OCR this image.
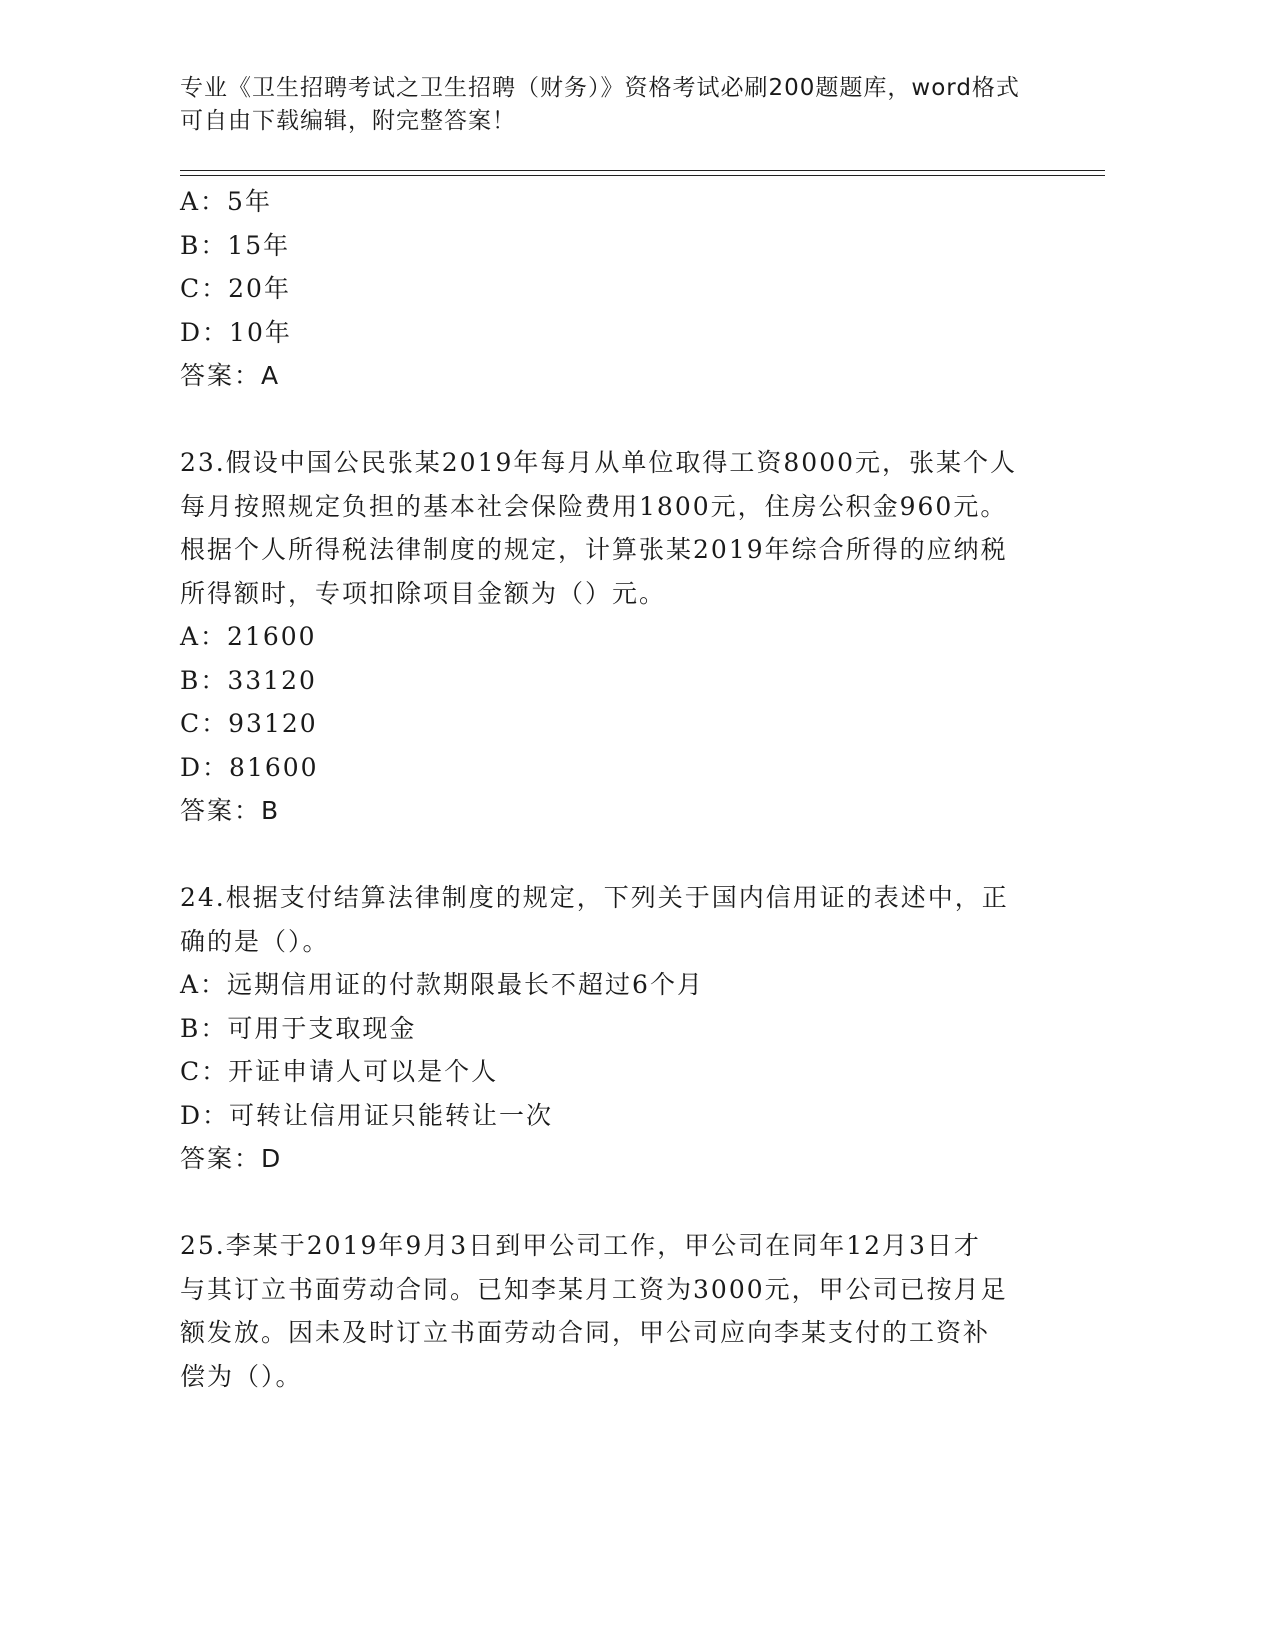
专业《卫生招聘考试之卫生招聘（财务）》资格考试必刷200题题库，word格式
可自由下载编辑，附完整答案！
A：5年
B：15年
C：20年
D：10年
答案：A
23.假设中国公民张某2019年每月从单位取得工资8000元，张某个人
每月按照规定负担的基本社会保险费用1800元，住房公积金960元。
根据个人所得税法律制度的规定，计算张某2019年综合所得的应纳税
所得额时，专项扣除项目金额为（）元。
A：21600
B：33120
C：93120
D：81600
答案：B
24.根据支付结算法律制度的规定，下列关于国内信用证的表述中，正
确的是（）。
A：远期信用证的付款期限最长不超过6个月
B：可用于支取现金
C：开证申请人可以是个人
D：可转让信用证只能转让一次
答案：D
25.李某于2019年9月3日到甲公司工作，甲公司在同年12月3日才
与其订立书面劳动合同。已知李某月工资为3000元，甲公司已按月足
额发放。因未及时订立书面劳动合同，甲公司应向李某支付的工资补
偿为（）。
